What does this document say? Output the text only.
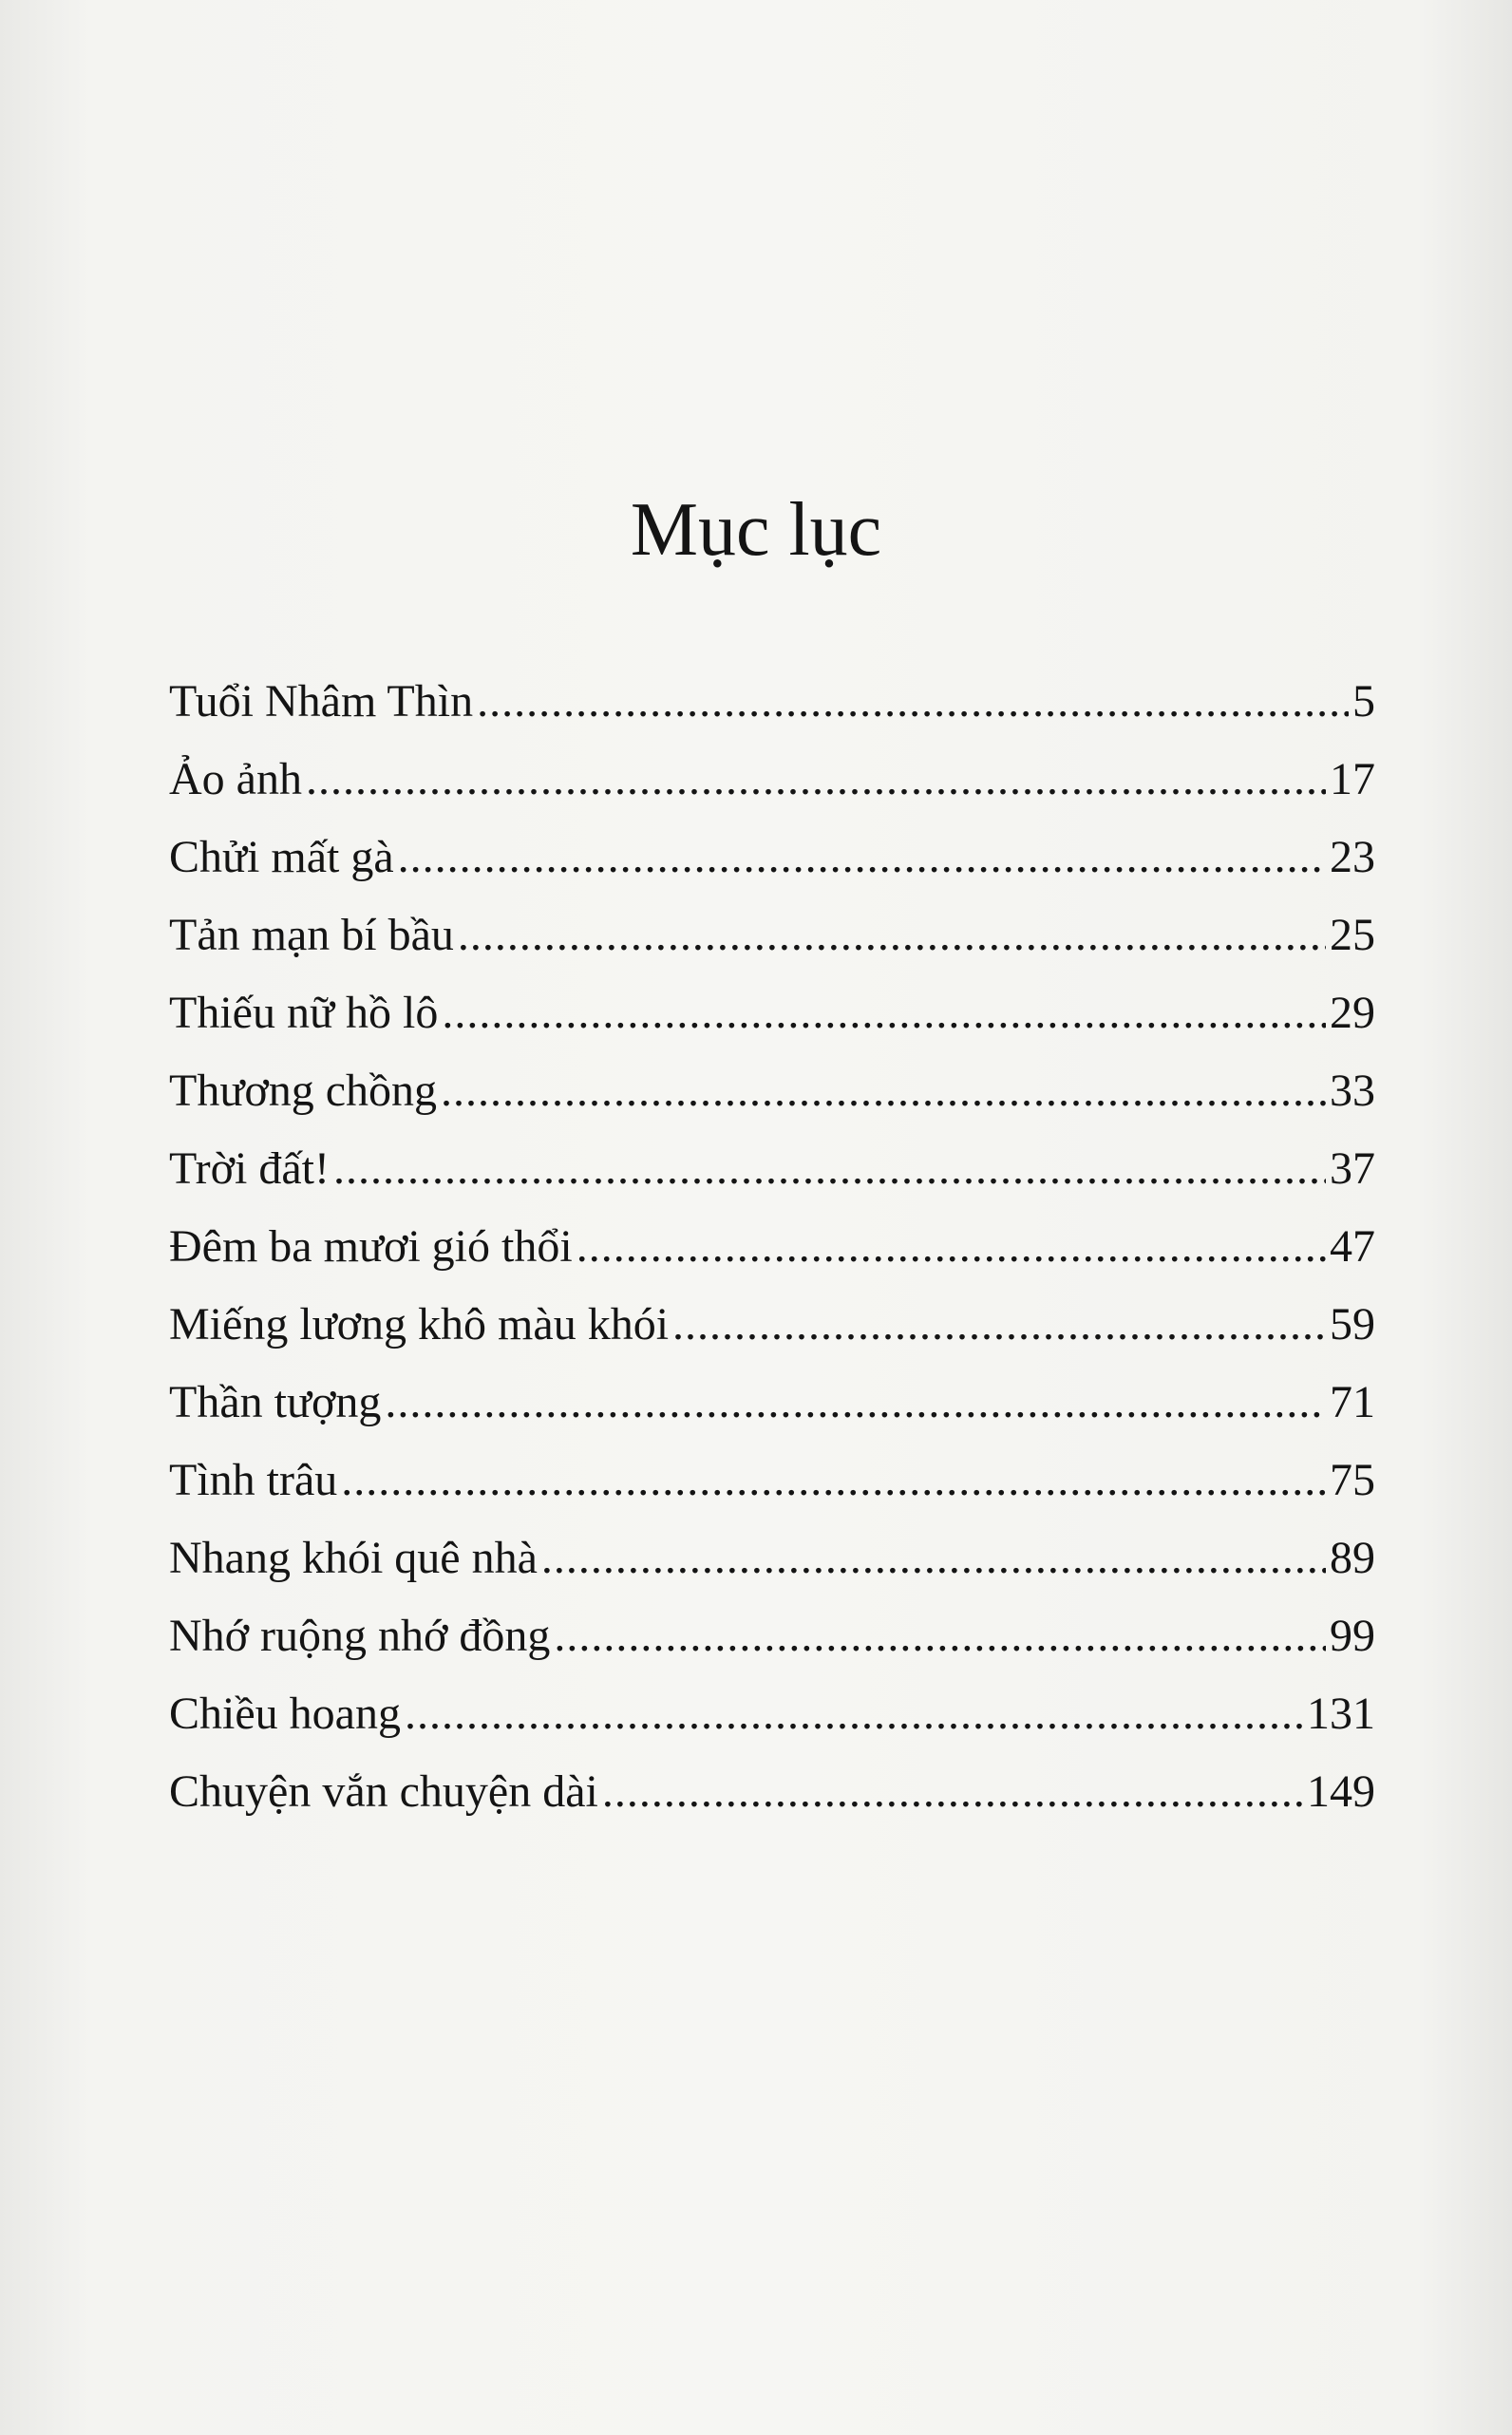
Mục lục
Tuổi Nhâm Thìn .....	5
Ảo ảnh .....	17
Chửi mất gà .....	23
Tản mạn bí bầu .....	25
Thiếu nữ hồ lô .....	29
Thương chồng .....	33
Trời đất! .....	37
Đêm ba mươi gió thổi .....	47
Miếng lương khô màu khói .....	59
Thần tượng .....	71
Tình trâu .....	75
Nhang khói quê nhà .....	89
Nhớ ruộng nhớ đồng .....	99
Chiều hoang .....	131
Chuyện vắn chuyện dài .....	149
